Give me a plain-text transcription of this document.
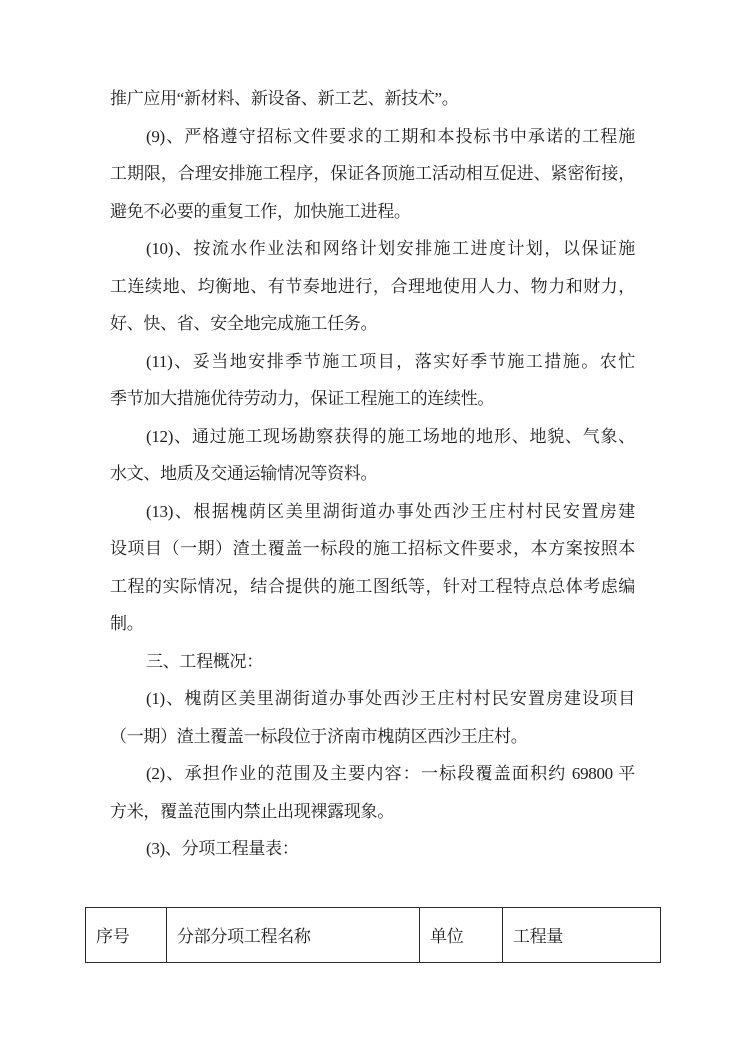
推广应用“新材料、新设备、新工艺、新技术”。
(9)、严格遵守招标文件要求的工期和本投标书中承诺的工程施
工期限，合理安排施工程序，保证各顶施工活动相互促进、紧密衔接，
避免不必要的重复工作，加快施工进程。
(10)、按流水作业法和网络计划安排施工进度计划，以保证施
工连续地、均衡地、有节奏地进行，合理地使用人力、物力和财力，
好、快、省、安全地完成施工任务。
(11)、妥当地安排季节施工项目，落实好季节施工措施。农忙
季节加大措施优待劳动力，保证工程施工的连续性。
(12)、通过施工现场勘察获得的施工场地的地形、地貌、气象、
水文、地质及交通运输情况等资料。
(13)、根据槐荫区美里湖街道办事处西沙王庄村村民安置房建
设项目（一期）渣土覆盖一标段的施工招标文件要求，本方案按照本
工程的实际情况，结合提供的施工图纸等，针对工程特点总体考虑编
制。
三、工程概况：
(1)、槐荫区美里湖街道办事处西沙王庄村村民安置房建设项目
（一期）渣土覆盖一标段位于济南市槐荫区西沙王庄村。
(2)、承担作业的范围及主要内容：一标段覆盖面积约 69800 平
方米，覆盖范围内禁止出现裸露现象。
(3)、分项工程量表：
序号	分部分项工程名称	单位	工程量
